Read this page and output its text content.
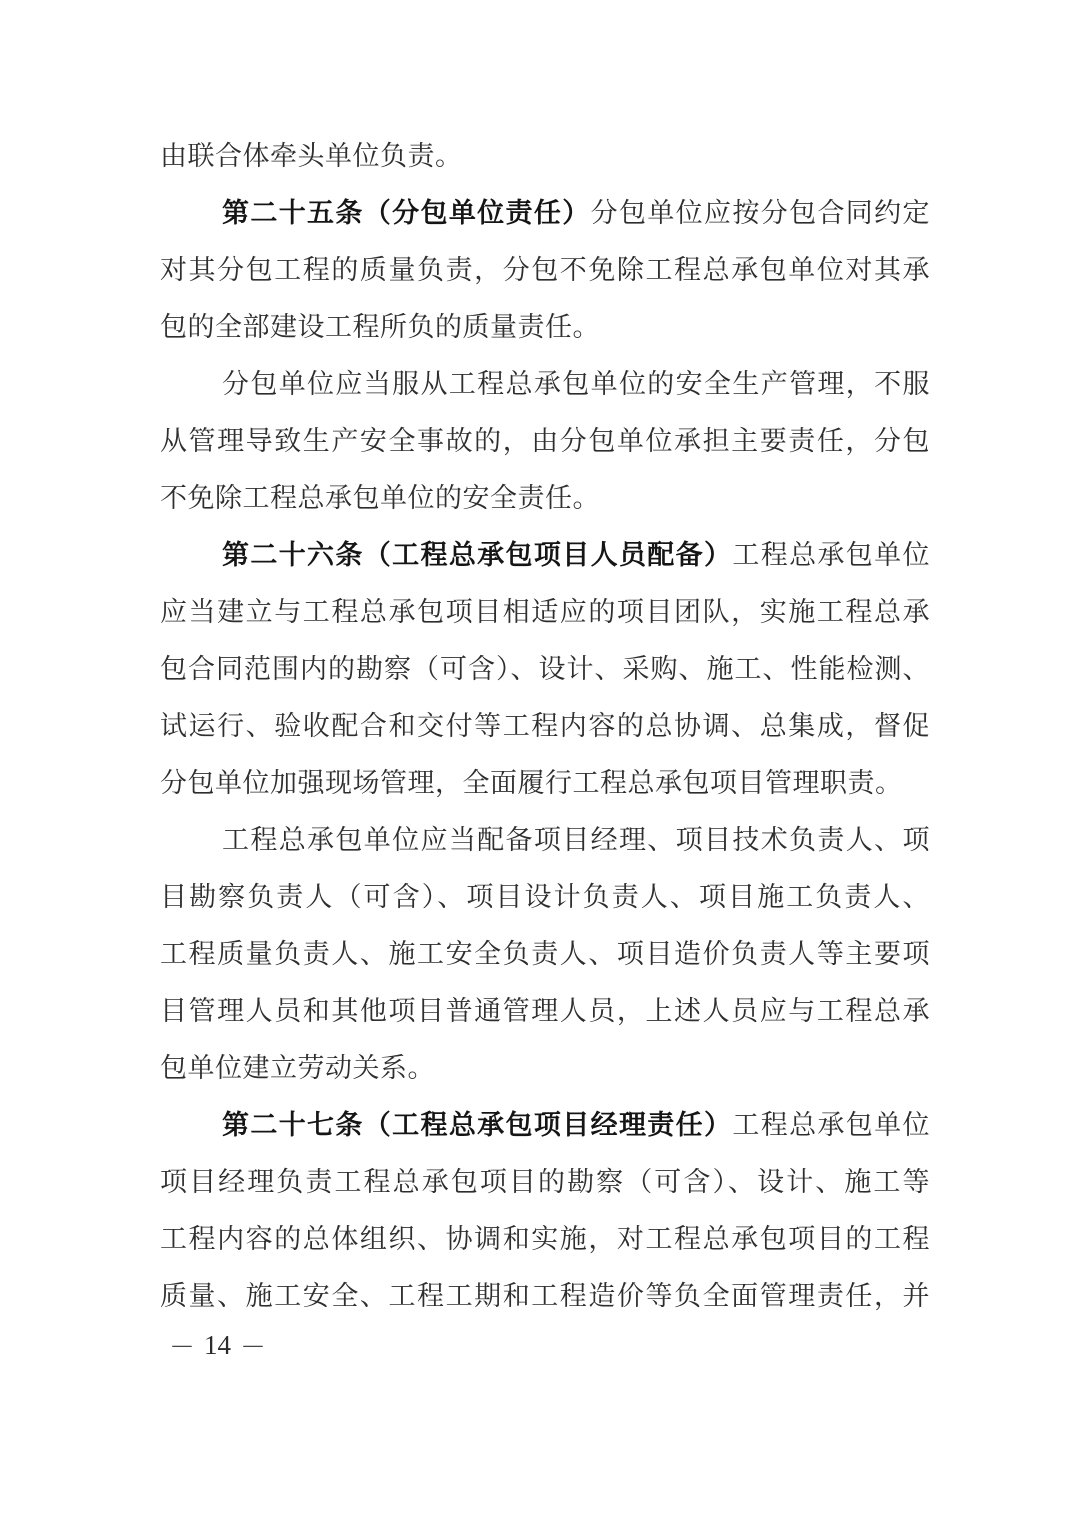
由联合体牵头单位负责。
第二十五条（分包单位责任）分包单位应按分包合同约定
对其分包工程的质量负责，分包不免除工程总承包单位对其承
包的全部建设工程所负的质量责任。
分包单位应当服从工程总承包单位的安全生产管理，不服
从管理导致生产安全事故的，由分包单位承担主要责任，分包
不免除工程总承包单位的安全责任。
第二十六条（工程总承包项目人员配备）工程总承包单位
应当建立与工程总承包项目相适应的项目团队，实施工程总承
包合同范围内的勘察（可含）、设计、采购、施工、性能检测、
试运行、验收配合和交付等工程内容的总协调、总集成，督促
分包单位加强现场管理，全面履行工程总承包项目管理职责。
工程总承包单位应当配备项目经理、项目技术负责人、项
目勘察负责人（可含）、项目设计负责人、项目施工负责人、
工程质量负责人、施工安全负责人、项目造价负责人等主要项
目管理人员和其他项目普通管理人员，上述人员应与工程总承
包单位建立劳动关系。
第二十七条（工程总承包项目经理责任）工程总承包单位
项目经理负责工程总承包项目的勘察（可含）、设计、施工等
工程内容的总体组织、协调和实施，对工程总承包项目的工程
质量、施工安全、工程工期和工程造价等负全面管理责任，并
— 14 —
